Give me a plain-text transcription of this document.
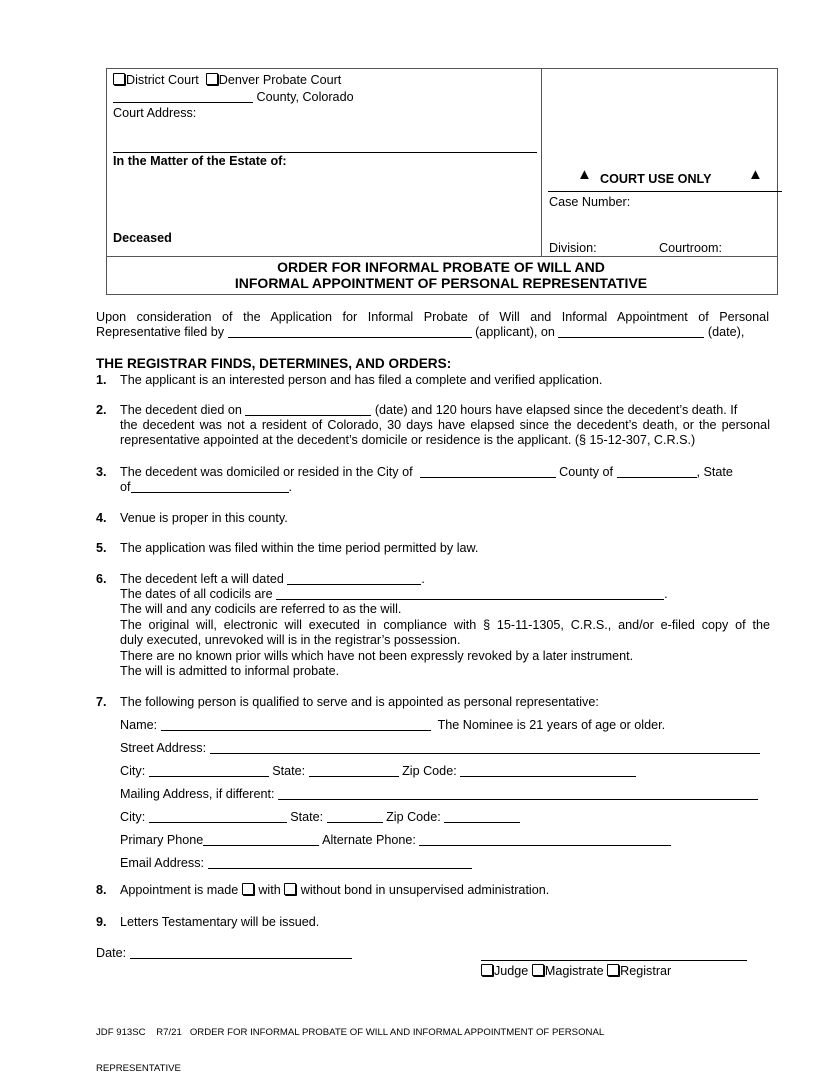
District Court Denver Probate Court
County, Colorado
Court Address:
In the Matter of the Estate of:
Deceased
▲ COURT USE ONLY ▲
Case Number:
Division:	Courtroom:
ORDER FOR INFORMAL PROBATE OF WILL AND
INFORMAL APPOINTMENT OF PERSONAL REPRESENTATIVE
Upon consideration of the Application for Informal Probate of Will and Informal Appointment of Personal
Representative filed by	(applicant), on	(date),
THE REGISTRAR FINDS, DETERMINES, AND ORDERS:
1. The applicant is an interested person and has filed a complete and verified application.
2. The decedent died on	(date) and 120 hours have elapsed since the decedent’s death. If
the decedent was not a resident of Colorado, 30 days have elapsed since the decedent’s death, or the personal
representative appointed at the decedent’s domicile or residence is the applicant. (§ 15-12-307, C.R.S.)
3. The decedent was domiciled or resided in the City of	County of	, State
of	.
4. Venue is proper in this county.
5. The application was filed within the time period permitted by law.
6. The decedent left a will dated	.
The dates of all codicils are	.
The will and any codicils are referred to as the will.
The original will, electronic will executed in compliance with § 15-11-1305, C.R.S., and/or e-filed copy of the
duly executed, unrevoked will is in the registrar’s possession.
There are no known prior wills which have not been expressly revoked by a later instrument.
The will is admitted to informal probate.
7. The following person is qualified to serve and is appointed as personal representative:
Name:	The Nominee is 21 years of age or older.
Street Address:
City:	State:	Zip Code:
Mailing Address, if different:
City:	State:	Zip Code:
Primary Phone	Alternate Phone:
Email Address:
8. Appointment is made with without bond in unsupervised administration.
9. Letters Testamentary will be issued.
Date:
Judge Magistrate Registrar

JDF 913SC    R7/21   ORDER FOR INFORMAL PROBATE OF WILL AND INFORMAL APPOINTMENT OF PERSONAL

REPRESENTATIVE
